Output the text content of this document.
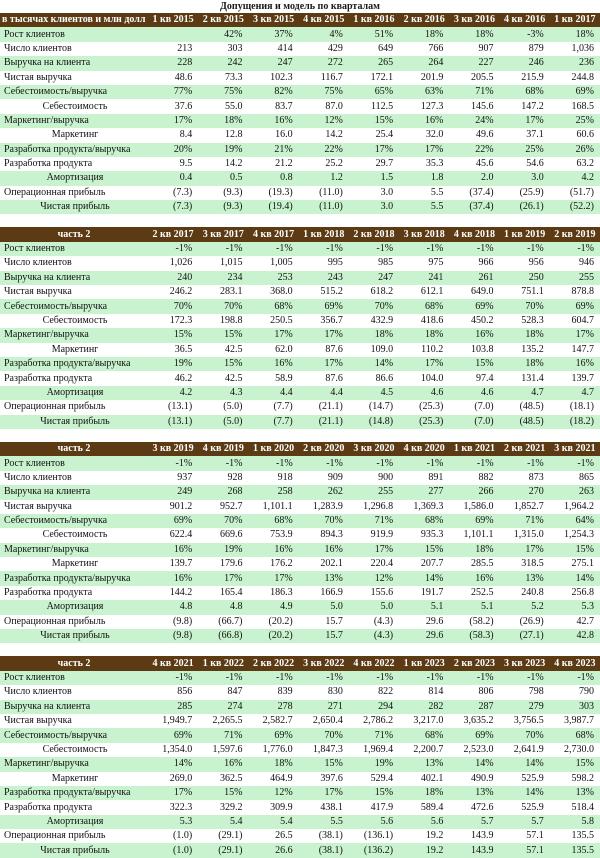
Допущения и модель по кварталам
в тысячах клиентов и млн долл	1 кв 2015	2 кв 2015	3 кв 2015	4 кв 2015	1 кв 2016	2 кв 2016	3 кв 2016	4 кв 2016	1 кв 2017
Рост клиентов		42%	37%	4%	51%	18%	18%	-3%	18%
Число клиентов	213	303	414	429	649	766	907	879	1,036
Выручка на клиента	228	242	247	272	265	264	227	246	236
Чистая выручка	48.6	73.3	102.3	116.7	172.1	201.9	205.5	215.9	244.8
Себестоимость/выручка	77%	75%	82%	75%	65%	63%	71%	68%	69%
Себестоимость	37.6	55.0	83.7	87.0	112.5	127.3	145.6	147.2	168.5
Маркетинг/выручка	17%	18%	16%	12%	15%	16%	24%	17%	25%
Маркетинг	8.4	12.8	16.0	14.2	25.4	32.0	49.6	37.1	60.6
Разработка продукта/выручка	20%	19%	21%	22%	17%	17%	22%	25%	26%
Разработка продукта	9.5	14.2	21.2	25.2	29.7	35.3	45.6	54.6	63.2
Амортизация	0.4	0.5	0.8	1.2	1.5	1.8	2.0	3.0	4.2
Операционная прибыль	(7.3)	(9.3)	(19.3)	(11.0)	3.0	5.5	(37.4)	(25.9)	(51.7)
Чистая прибыль	(7.3)	(9.3)	(19.4)	(11.0)	3.0	5.5	(37.4)	(26.1)	(52.2)
часть 2	2 кв 2017	3 кв 2017	4 кв 2017	1 кв 2018	2 кв 2018	3 кв 2018	4 кв 2018	1 кв 2019	2 кв 2019
Рост клиентов	-1%	-1%	-1%	-1%	-1%	-1%	-1%	-1%	-1%
Число клиентов	1,026	1,015	1,005	995	985	975	966	956	946
Выручка на клиента	240	234	253	243	247	241	261	250	255
Чистая выручка	246.2	283.1	368.0	515.2	618.2	612.1	649.0	751.1	878.8
Себестоимость/выручка	70%	70%	68%	69%	70%	68%	69%	70%	69%
Себестоимость	172.3	198.8	250.5	356.7	432.9	418.6	450.2	528.3	604.7
Маркетинг/выручка	15%	15%	17%	17%	18%	18%	16%	18%	17%
Маркетинг	36.5	42.5	62.0	87.6	109.0	110.2	103.8	135.2	147.7
Разработка продукта/выручка	19%	15%	16%	17%	14%	17%	15%	18%	16%
Разработка продукта	46.2	42.5	58.9	87.6	86.6	104.0	97.4	131.4	139.7
Амортизация	4.2	4.3	4.4	4.4	4.5	4.6	4.6	4.7	4.7
Операционная прибыль	(13.1)	(5.0)	(7.7)	(21.1)	(14.7)	(25.3)	(7.0)	(48.5)	(18.1)
Чистая прибыль	(13.1)	(5.0)	(7.7)	(21.1)	(14.8)	(25.3)	(7.0)	(48.5)	(18.2)
часть 2	3 кв 2019	4 кв 2019	1 кв 2020	2 кв 2020	3 кв 2020	4 кв 2020	1 кв 2021	2 кв 2021	3 кв 2021
Рост клиентов	-1%	-1%	-1%	-1%	-1%	-1%	-1%	-1%	-1%
Число клиентов	937	928	918	909	900	891	882	873	865
Выручка на клиента	249	268	258	262	255	277	266	270	263
Чистая выручка	901.2	952.7	1,101.1	1,283.9	1,296.8	1,369.3	1,586.0	1,852.7	1,964.2
Себестоимость/выручка	69%	70%	68%	70%	71%	68%	69%	71%	64%
Себестоимость	622.4	669.6	753.9	894.3	919.9	935.3	1,101.1	1,315.0	1,254.3
Маркетинг/выручка	16%	19%	16%	16%	17%	15%	18%	17%	15%
Маркетинг	139.7	179.6	176.2	202.1	220.4	207.7	285.5	318.5	275.1
Разработка продукта/выручка	16%	17%	17%	13%	12%	14%	16%	13%	14%
Разработка продукта	144.2	165.4	186.3	166.9	155.6	191.7	252.5	240.8	256.8
Амортизация	4.8	4.8	4.9	5.0	5.0	5.1	5.1	5.2	5.3
Операционная прибыль	(9.8)	(66.7)	(20.2)	15.7	(4.3)	29.6	(58.2)	(26.9)	42.7
Чистая прибыль	(9.8)	(66.8)	(20.2)	15.7	(4.3)	29.6	(58.3)	(27.1)	42.8
часть 2	4 кв 2021	1 кв 2022	2 кв 2022	3 кв 2022	4 кв 2022	1 кв 2023	2 кв 2023	3 кв 2023	4 кв 2023
Рост клиентов	-1%	-1%	-1%	-1%	-1%	-1%	-1%	-1%	-1%
Число клиентов	856	847	839	830	822	814	806	798	790
Выручка на клиента	285	274	278	271	294	282	287	279	303
Чистая выручка	1,949.7	2,265.5	2,582.7	2,650.4	2,786.2	3,217.0	3,635.2	3,756.5	3,987.7
Себестоимость/выручка	69%	71%	69%	70%	71%	68%	69%	70%	68%
Себестоимость	1,354.0	1,597.6	1,776.0	1,847.3	1,969.4	2,200.7	2,523.0	2,641.9	2,730.0
Маркетинг/выручка	14%	16%	18%	15%	19%	13%	14%	14%	15%
Маркетинг	269.0	362.5	464.9	397.6	529.4	402.1	490.9	525.9	598.2
Разработка продукта/выручка	17%	15%	12%	17%	15%	18%	13%	14%	13%
Разработка продукта	322.3	329.2	309.9	438.1	417.9	589.4	472.6	525.9	518.4
Амортизация	5.3	5.4	5.4	5.5	5.6	5.6	5.7	5.7	5.8
Операционная прибыль	(1.0)	(29.1)	26.5	(38.1)	(136.1)	19.2	143.9	57.1	135.5
Чистая прибыль	(1.0)	(29.1)	26.6	(38.1)	(136.2)	19.2	143.9	57.1	135.5
